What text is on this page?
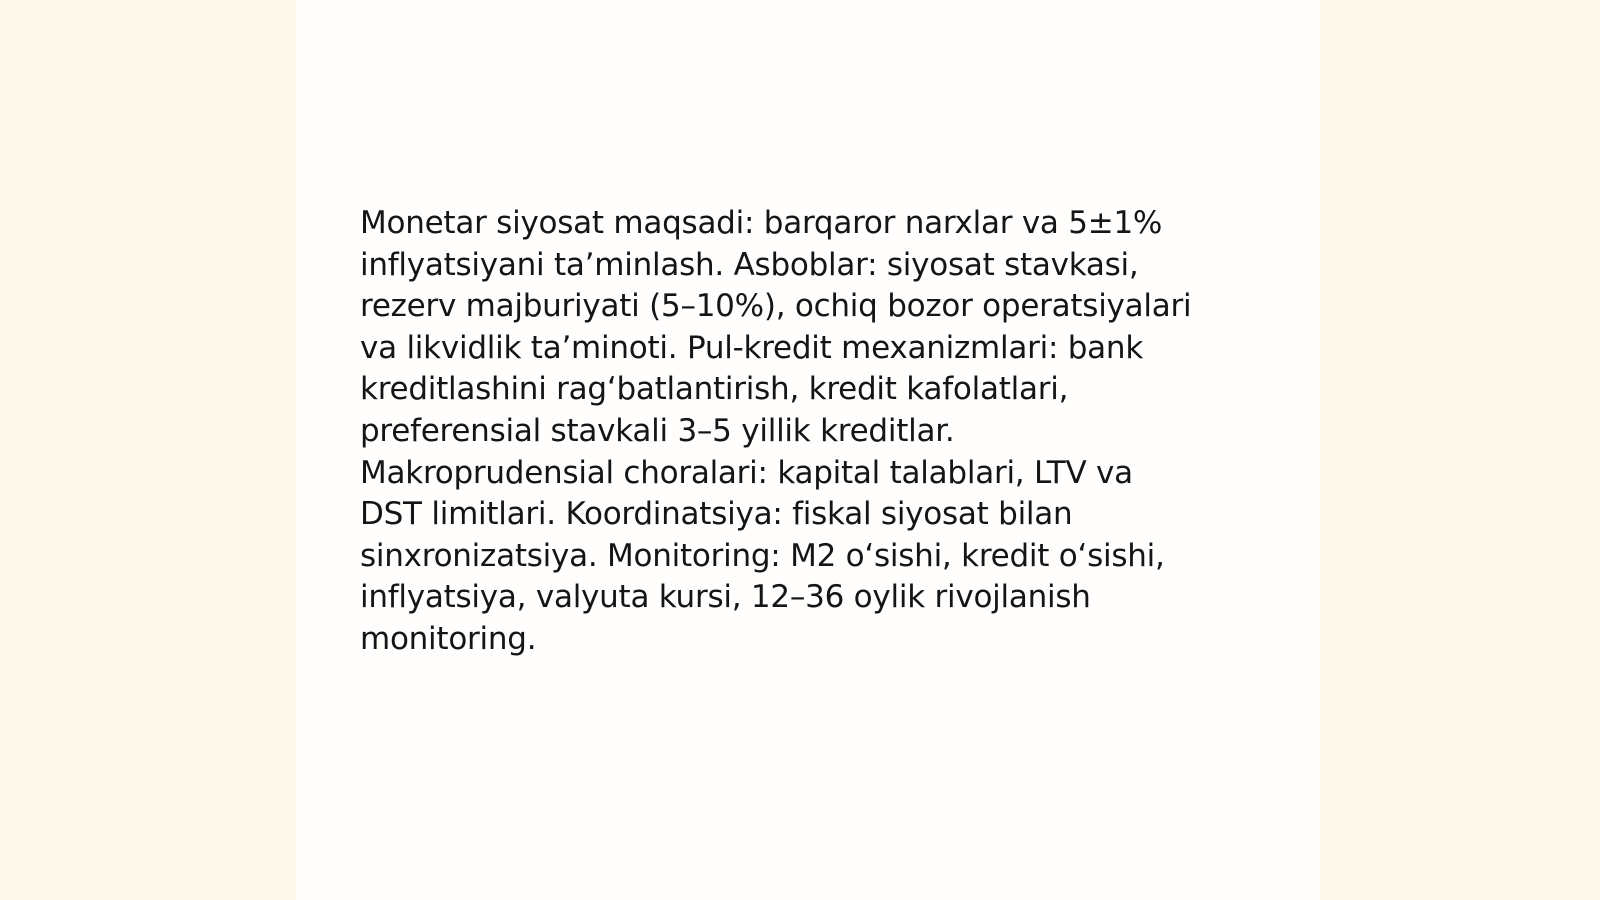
Monetar siyosat maqsadi: barqaror narxlar va 5±1%
inflyatsiyani ta’minlash. Asboblar: siyosat stavkasi,
rezerv majburiyati (5–10%), ochiq bozor operatsiyalari
va likvidlik ta’minoti. Pul-kredit mexanizmlari: bank
kreditlashini rag‘batlantirish, kredit kafolatlari,
preferensial stavkali 3–5 yillik kreditlar.
Makroprudensial choralari: kapital talablari, LTV va
DST limitlari. Koordinatsiya: fiskal siyosat bilan
sinxronizatsiya. Monitoring: M2 o‘sishi, kredit o‘sishi,
inflyatsiya, valyuta kursi, 12–36 oylik rivojlanish
monitoring.
